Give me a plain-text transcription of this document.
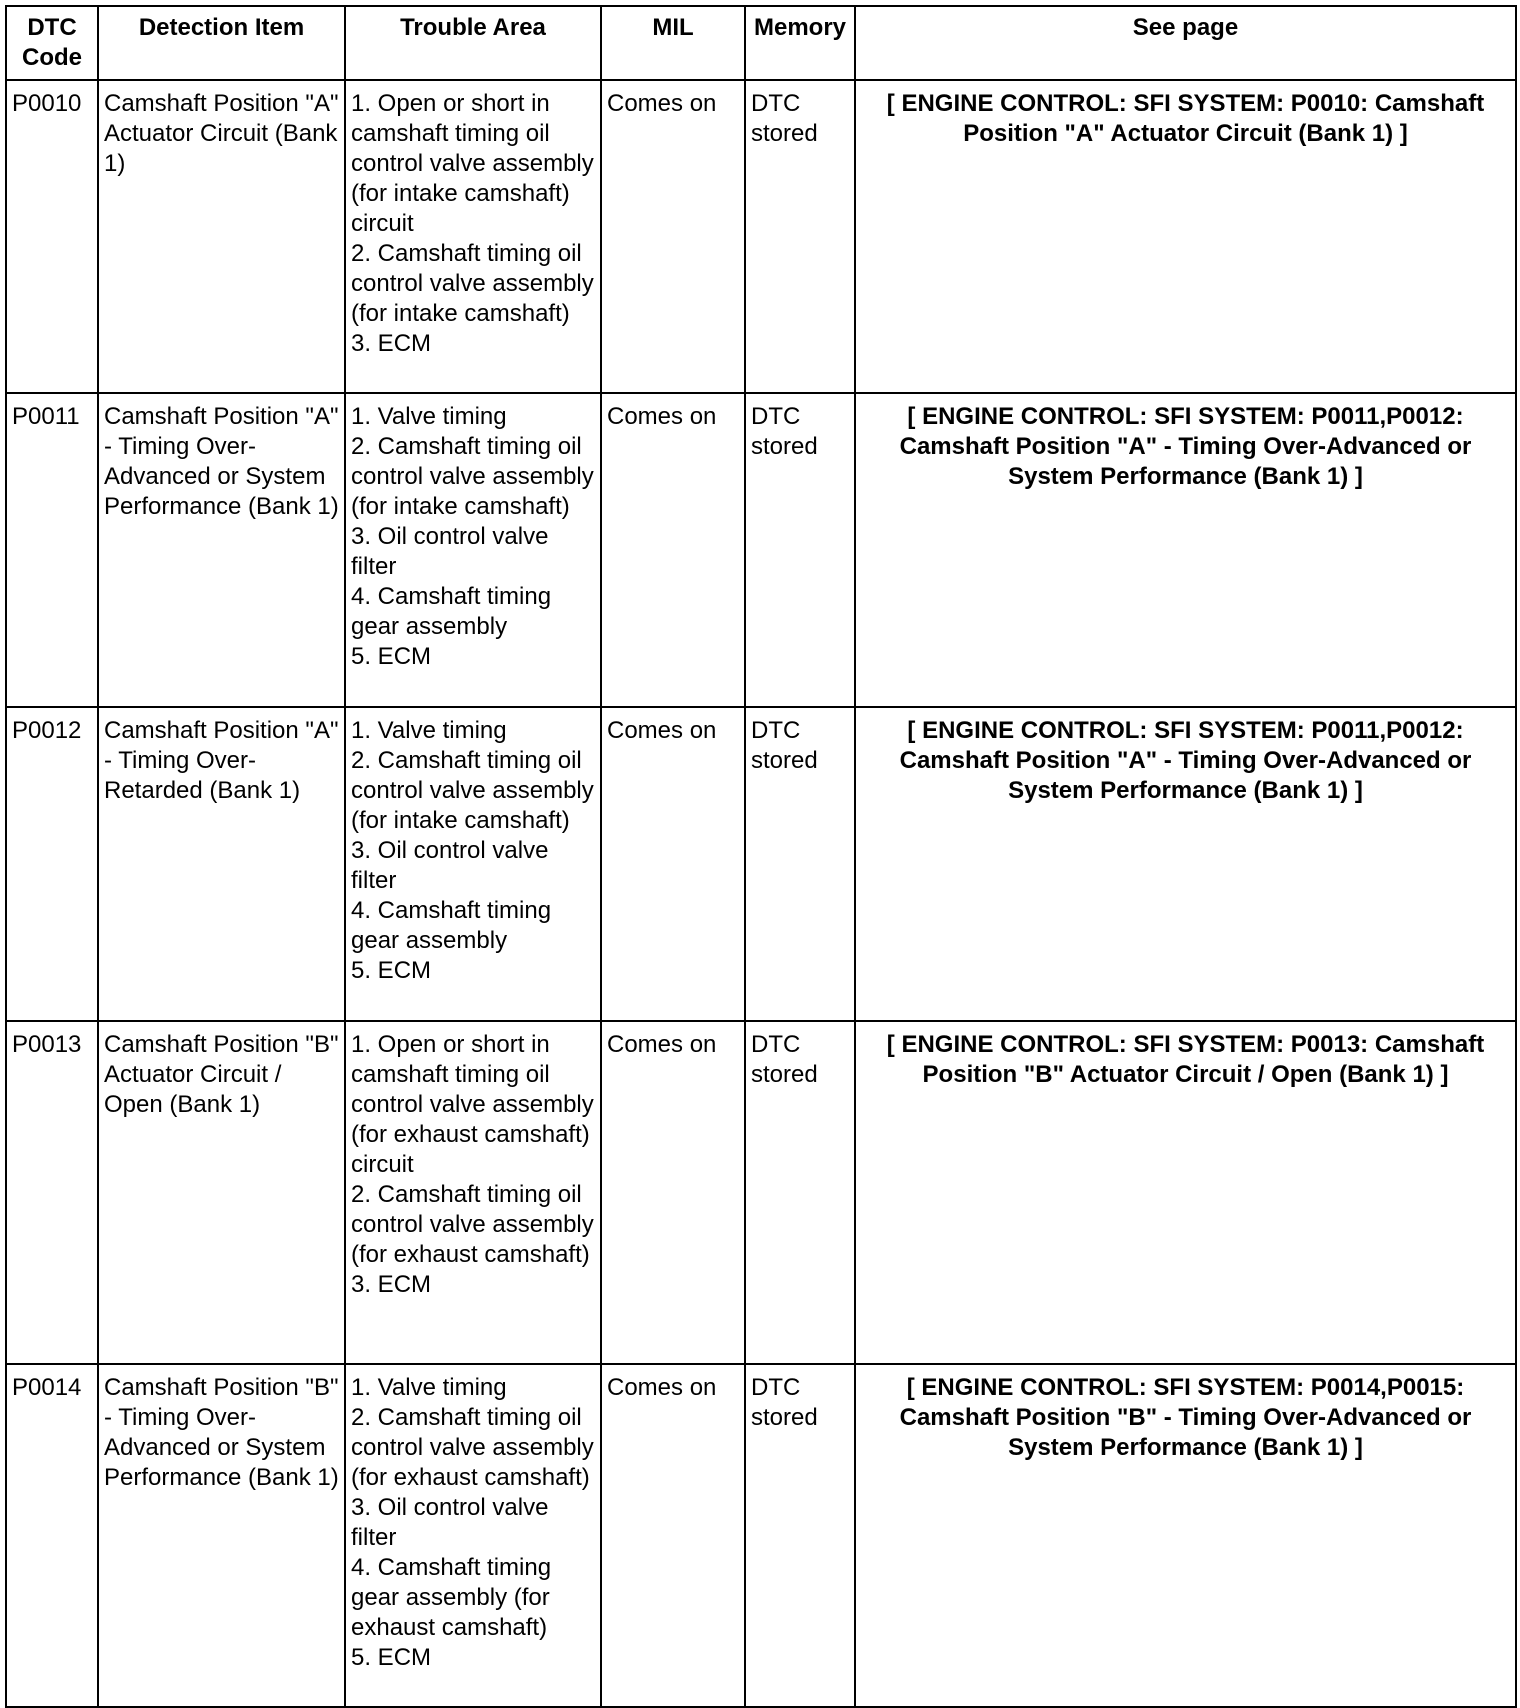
DTC Code	Detection Item	Trouble Area	MIL	Memory	See page
P0010	Camshaft Position "A" Actuator Circuit (Bank 1)	1. Open or short in camshaft timing oil control valve assembly (for intake camshaft) circuit
2. Camshaft timing oil control valve assembly (for intake camshaft)
3. ECM	Comes on	DTC stored	[ ENGINE CONTROL: SFI SYSTEM: P0010: Camshaft Position "A" Actuator Circuit (Bank 1) ]
P0011	Camshaft Position "A" - Timing Over-Advanced or System Performance (Bank 1)	1. Valve timing
2. Camshaft timing oil control valve assembly (for intake camshaft)
3. Oil control valve filter
4. Camshaft timing gear assembly
5. ECM	Comes on	DTC stored	[ ENGINE CONTROL: SFI SYSTEM: P0011,P0012: Camshaft Position "A" - Timing Over-Advanced or System Performance (Bank 1) ]
P0012	Camshaft Position "A" - Timing Over-Retarded (Bank 1)	1. Valve timing
2. Camshaft timing oil control valve assembly (for intake camshaft)
3. Oil control valve filter
4. Camshaft timing gear assembly
5. ECM	Comes on	DTC stored	[ ENGINE CONTROL: SFI SYSTEM: P0011,P0012: Camshaft Position "A" - Timing Over-Advanced or System Performance (Bank 1) ]
P0013	Camshaft Position "B" Actuator Circuit / Open (Bank 1)	1. Open or short in camshaft timing oil control valve assembly (for exhaust camshaft) circuit
2. Camshaft timing oil control valve assembly (for exhaust camshaft)
3. ECM	Comes on	DTC stored	[ ENGINE CONTROL: SFI SYSTEM: P0013: Camshaft Position "B" Actuator Circuit / Open (Bank 1) ]
P0014	Camshaft Position "B" - Timing Over-Advanced or System Performance (Bank 1)	1. Valve timing
2. Camshaft timing oil control valve assembly (for exhaust camshaft)
3. Oil control valve filter
4. Camshaft timing gear assembly (for exhaust camshaft)
5. ECM	Comes on	DTC stored	[ ENGINE CONTROL: SFI SYSTEM: P0014,P0015: Camshaft Position "B" - Timing Over-Advanced or System Performance (Bank 1) ]
